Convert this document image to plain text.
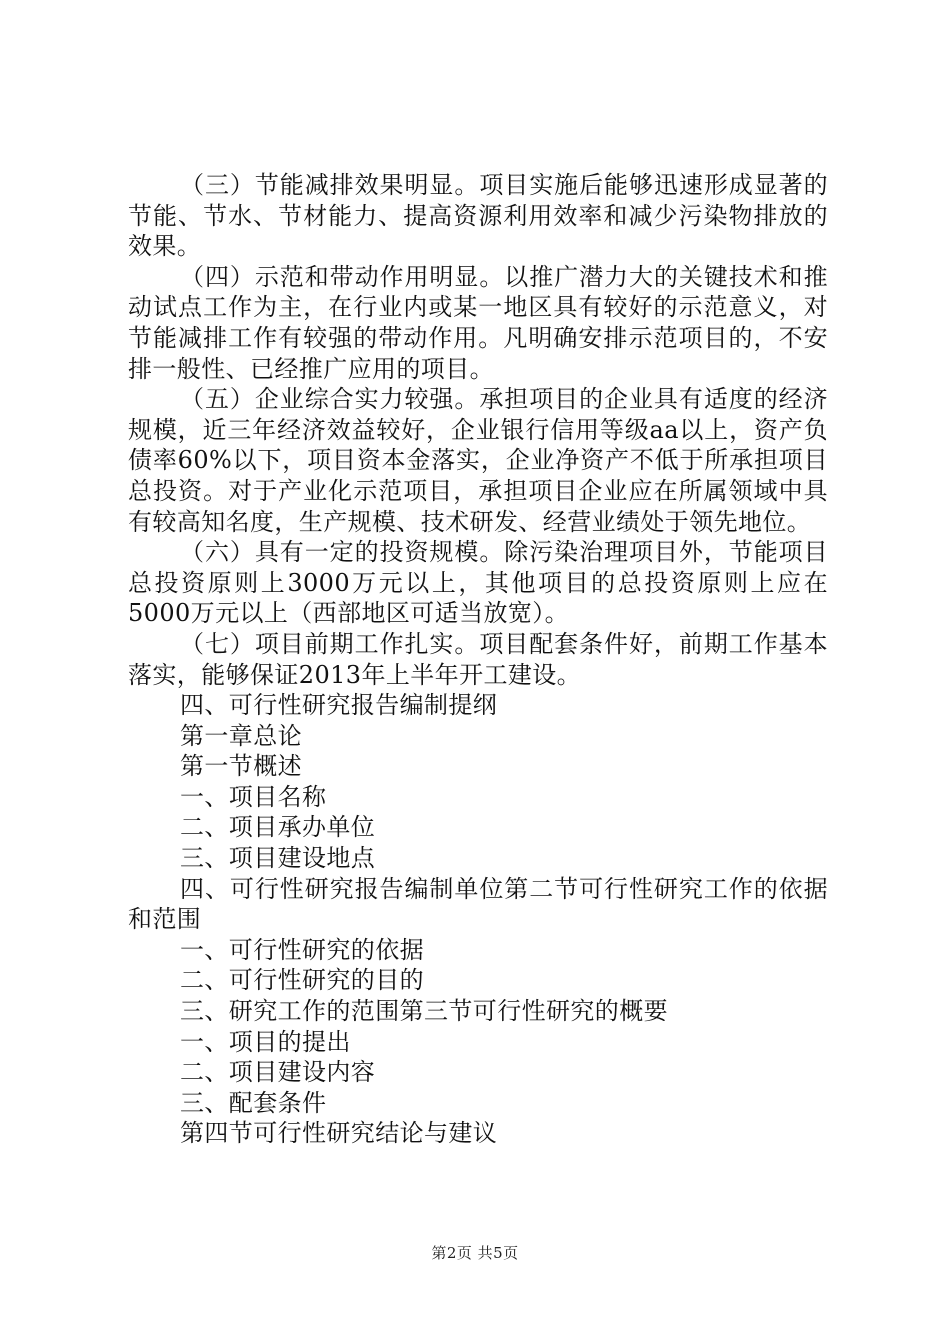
（三）节能减排效果明显。项目实施后能够迅速形成显著的节能、节水、节材能力、提高资源利用效率和减少污染物排放的效果。

（四）示范和带动作用明显。以推广潜力大的关键技术和推动试点工作为主，在行业内或某一地区具有较好的示范意义，对节能减排工作有较强的带动作用。凡明确安排示范项目的，不安排一般性、已经推广应用的项目。

（五）企业综合实力较强。承担项目的企业具有适度的经济规模，近三年经济效益较好，企业银行信用等级aa以上，资产负债率60%以下，项目资本金落实，企业净资产不低于所承担项目总投资。对于产业化示范项目，承担项目企业应在所属领域中具有较高知名度，生产规模、技术研发、经营业绩处于领先地位。

（六）具有一定的投资规模。除污染治理项目外，节能项目总投资原则上3000万元以上，其他项目的总投资原则上应在5000万元以上（西部地区可适当放宽）。

（七）项目前期工作扎实。项目配套条件好，前期工作基本落实，能够保证2013年上半年开工建设。

四、可行性研究报告编制提纲

第一章总论

第一节概述

一、项目名称

二、项目承办单位

三、项目建设地点

四、可行性研究报告编制单位第二节可行性研究工作的依据和范围

一、可行性研究的依据

二、可行性研究的目的

三、研究工作的范围第三节可行性研究的概要

一、项目的提出

二、项目建设内容

三、配套条件

第四节可行性研究结论与建议

第2页 共5页
